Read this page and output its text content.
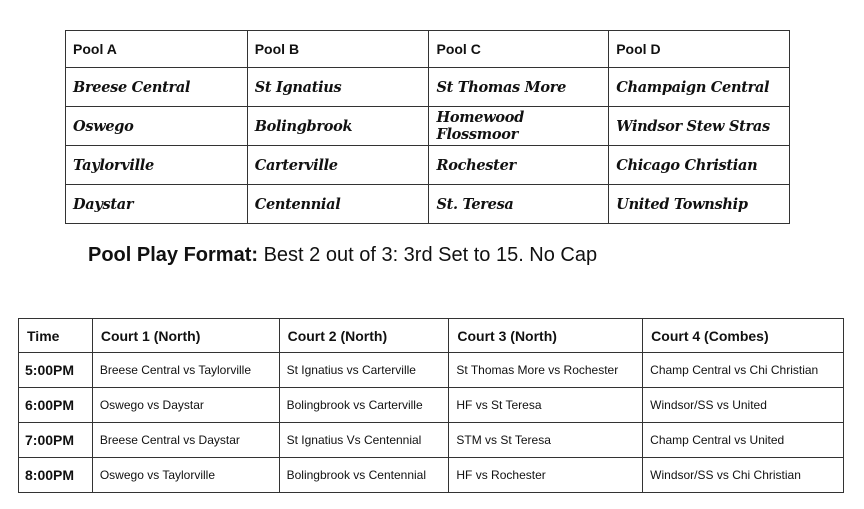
Pool A	Pool B	Pool C	Pool D
Breese Central	St Ignatius	St Thomas More	Champaign Central
Oswego	Bolingbrook	Homewood Flossmoor	Windsor Stew Stras
Taylorville	Carterville	Rochester	Chicago Christian
Daystar	Centennial	St. Teresa	United Township
Pool Play Format: Best 2 out of 3: 3rd Set to 15. No Cap
Time	Court 1 (North)	Court 2 (North)	Court 3 (North)	Court 4 (Combes)
5:00PM	Breese Central vs Taylorville	St Ignatius vs Carterville	St Thomas More vs Rochester	Champ Central vs Chi Christian
6:00PM	Oswego vs Daystar	Bolingbrook vs Carterville	HF vs St Teresa	Windsor/SS vs United
7:00PM	Breese Central vs Daystar	St Ignatius Vs Centennial	STM vs St Teresa	Champ Central vs United
8:00PM	Oswego vs Taylorville	Bolingbrook vs Centennial	HF vs Rochester	Windsor/SS vs Chi Christian
